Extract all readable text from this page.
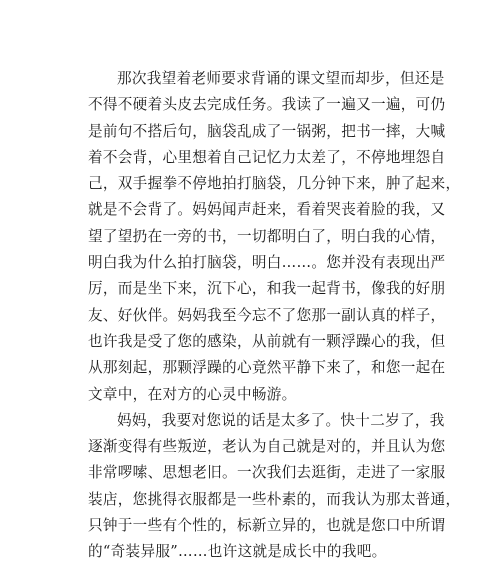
那次我望着老师要求背诵的课文望而却步，但还是
不得不硬着头皮去完成任务。我读了一遍又一遍，可仍
是前句不搭后句，脑袋乱成了一锅粥，把书一摔，大喊
着不会背，心里想着自己记忆力太差了，不停地埋怨自
己，双手握拳不停地拍打脑袋，几分钟下来，肿了起来，
就是不会背了。妈妈闻声赶来，看着哭丧着脸的我，又
望了望扔在一旁的书，一切都明白了，明白我的心情，
明白我为什么拍打脑袋，明白……。您并没有表现出严
厉，而是坐下来，沉下心，和我一起背书，像我的好朋
友、好伙伴。妈妈我至今忘不了您那一副认真的样子，
也许我是受了您的感染，从前就有一颗浮躁心的我，但
从那刻起，那颗浮躁的心竟然平静下来了，和您一起在
文章中，在对方的心灵中畅游。
妈妈，我要对您说的话是太多了。快十二岁了，我
逐渐变得有些叛逆，老认为自己就是对的，并且认为您
非常啰嗦、思想老旧。一次我们去逛街，走进了一家服
装店，您挑得衣服都是一些朴素的，而我认为那太普通，
只钟于一些有个性的，标新立异的，也就是您口中所谓
的“奇装异服”……也许这就是成长中的我吧。
